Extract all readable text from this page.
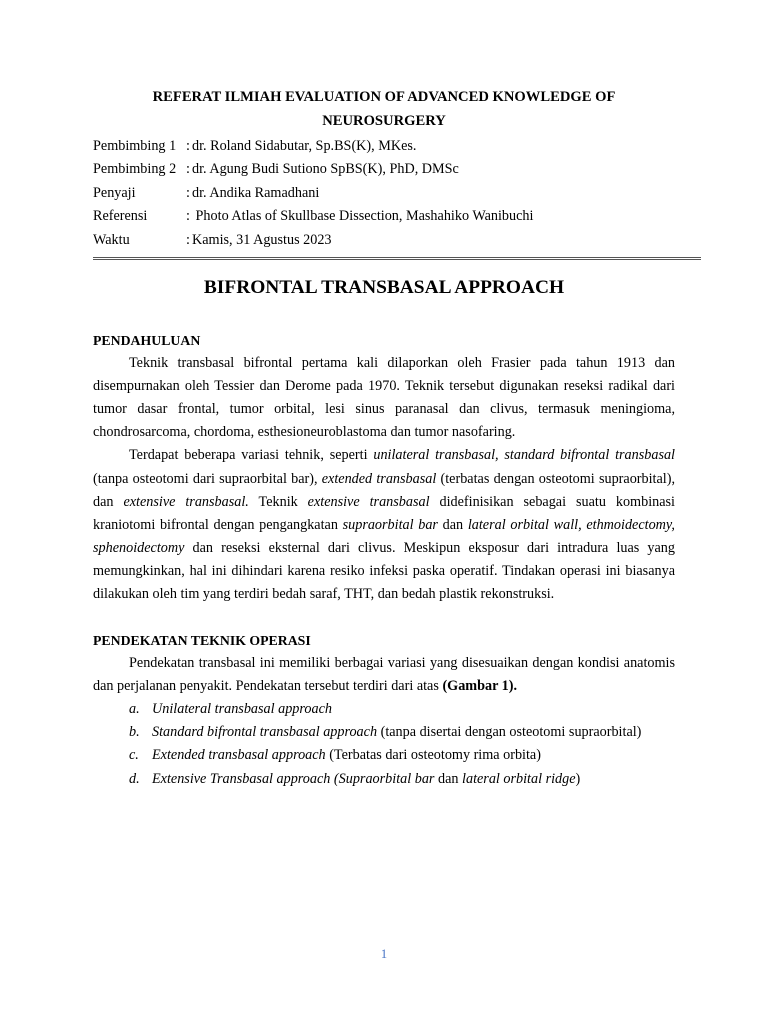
REFERAT ILMIAH EVALUATION OF ADVANCED KNOWLEDGE OF
NEUROSURGERY
Pembimbing 1 : dr. Roland Sidabutar, Sp.BS(K), MKes.
Pembimbing 2 : dr. Agung Budi Sutiono SpBS(K), PhD, DMSc
Penyaji	: dr. Andika Ramadhani
Referensi	: Photo Atlas of Skullbase Dissection, Mashahiko Wanibuchi
Waktu	: Kamis, 31 Agustus 2023
BIFRONTAL TRANSBASAL APPROACH
PENDAHULUAN

Teknik transbasal bifrontal pertama kali dilaporkan oleh Frasier pada tahun 1913 dan disempurnakan oleh Tessier dan Derome pada 1970. Teknik tersebut digunakan reseksi radikal dari tumor dasar frontal, tumor orbital, lesi sinus paranasal dan clivus, termasuk meningioma, chondrosarcoma, chordoma, esthesioneuroblastoma dan tumor nasofaring.

Terdapat beberapa variasi tehnik, seperti unilateral transbasal, standard bifrontal transbasal (tanpa osteotomi dari supraorbital bar), extended transbasal (terbatas dengan osteotomi supraorbital), dan extensive transbasal. Teknik extensive transbasal didefinisikan sebagai suatu kombinasi kraniotomi bifrontal dengan pengangkatan supraorbital bar dan lateral orbital wall, ethmoidectomy, sphenoidectomy dan reseksi eksternal dari clivus. Meskipun eksposur dari intradura luas yang memungkinkan, hal ini dihindari karena resiko infeksi paska operatif. Tindakan operasi ini biasanya dilakukan oleh tim yang terdiri bedah saraf, THT, dan bedah plastik rekonstruksi.

PENDEKATAN TEKNIK OPERASI

Pendekatan transbasal ini memiliki berbagai variasi yang disesuaikan dengan kondisi anatomis dan perjalanan penyakit. Pendekatan tersebut terdiri dari atas (Gambar 1).

a. Unilateral transbasal approach
b. Standard bifrontal transbasal approach (tanpa disertai dengan osteotomi supraorbital)
c. Extended transbasal approach (Terbatas dari osteotomy rima orbita)
d. Extensive Transbasal approach (Supraorbital bar dan lateral orbital ridge)
1
